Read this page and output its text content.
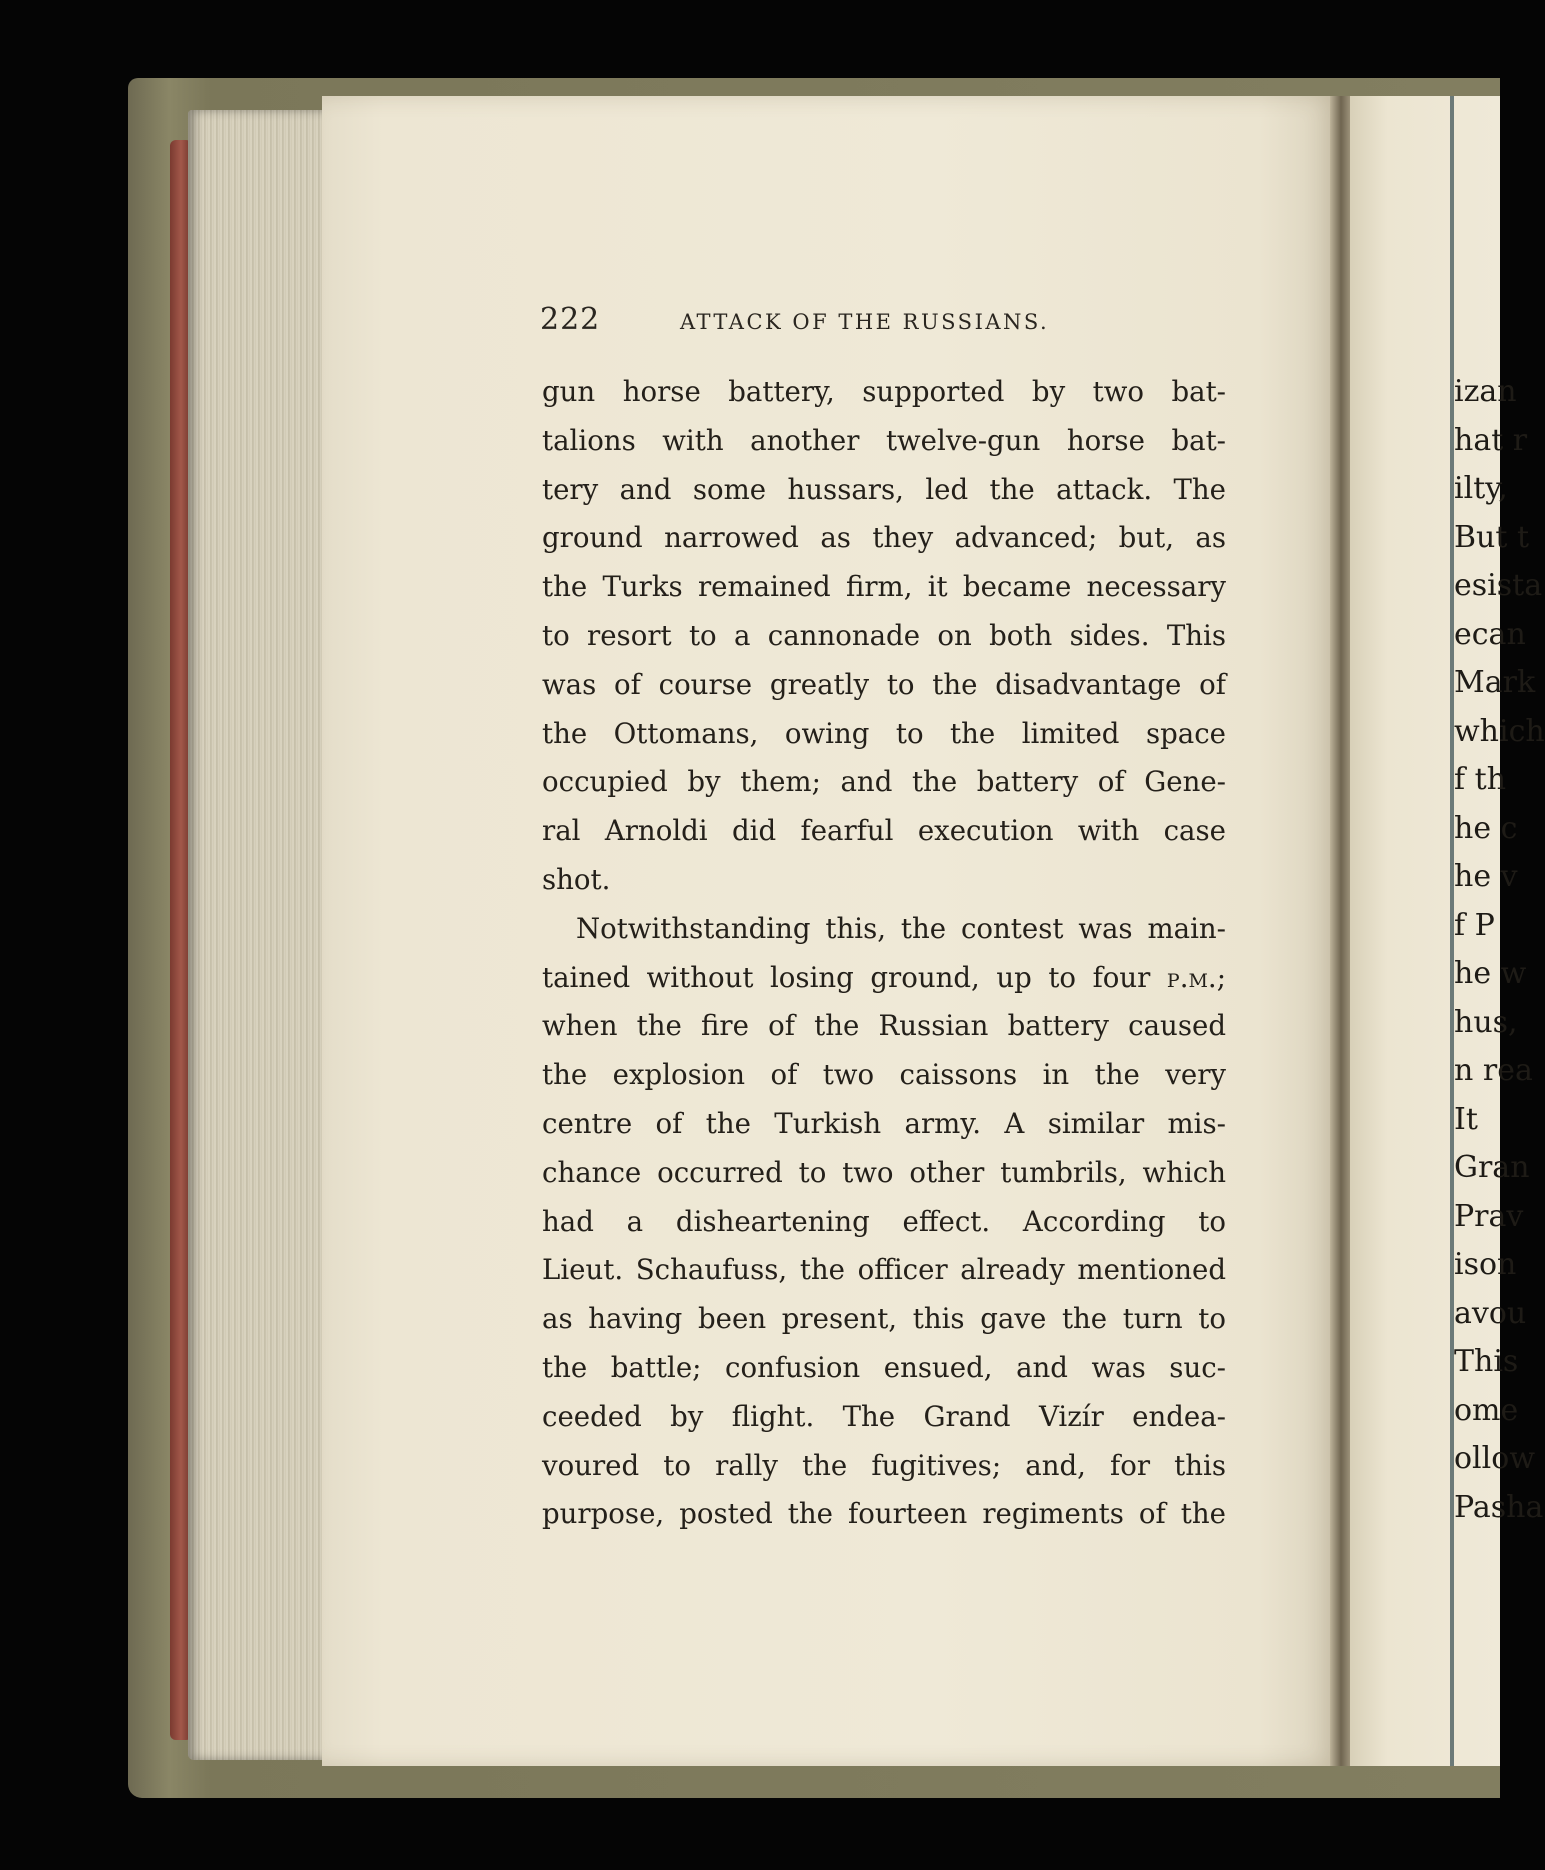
izan
hat r
ilty,
But t
esista
ecan
Mark
which
f th
he c
he v
f P
he w
hus,
n rea
It
Gran
Prav
ison
avou
This
ome
ollow
Pasha
222	ATTACK OF THE RUSSIANS.
gun horse battery, supported by two bat-
talions with another twelve-gun horse bat-
tery and some hussars, led the attack. The
ground narrowed as they advanced; but, as
the Turks remained firm, it became necessary
to resort to a cannonade on both sides. This
was of course greatly to the disadvantage of
the Ottomans, owing to the limited space
occupied by them; and the battery of Gene-
ral Arnoldi did fearful execution with case
shot.
Notwithstanding this, the contest was main-
tained without losing ground, up to four p.m.;
when the fire of the Russian battery caused
the explosion of two caissons in the very
centre of the Turkish army. A similar mis-
chance occurred to two other tumbrils, which
had a disheartening effect. According to
Lieut. Schaufuss, the officer already mentioned
as having been present, this gave the turn to
the battle; confusion ensued, and was suc-
ceeded by flight. The Grand Vizír endea-
voured to rally the fugitives; and, for this
purpose, posted the fourteen regiments of the
